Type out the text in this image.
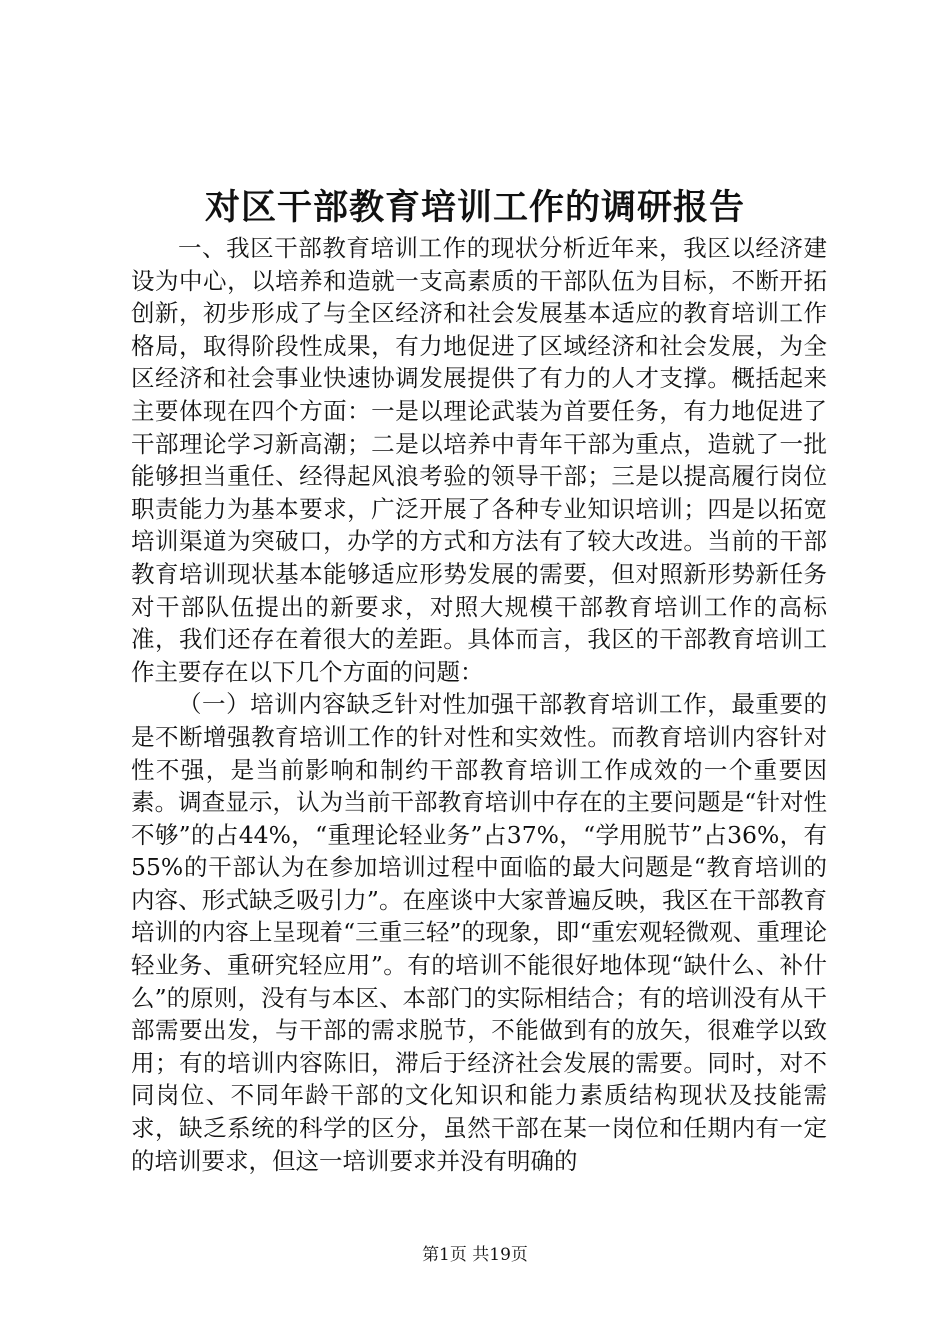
对区干部教育培训工作的调研报告

一、我区干部教育培训工作的现状分析近年来，我区以经济建设为中心，以培养和造就一支高素质的干部队伍为目标，不断开拓创新，初步形成了与全区经济和社会发展基本适应的教育培训工作格局，取得阶段性成果，有力地促进了区域经济和社会发展，为全区经济和社会事业快速协调发展提供了有力的人才支撑。概括起来主要体现在四个方面：一是以理论武装为首要任务，有力地促进了干部理论学习新高潮；二是以培养中青年干部为重点，造就了一批能够担当重任、经得起风浪考验的领导干部；三是以提高履行岗位职责能力为基本要求，广泛开展了各种专业知识培训；四是以拓宽培训渠道为突破口，办学的方式和方法有了较大改进。当前的干部教育培训现状基本能够适应形势发展的需要，但对照新形势新任务对干部队伍提出的新要求，对照大规模干部教育培训工作的高标准，我们还存在着很大的差距。具体而言，我区的干部教育培训工作主要存在以下几个方面的问题：

（一）培训内容缺乏针对性加强干部教育培训工作，最重要的是不断增强教育培训工作的针对性和实效性。而教育培训内容针对性不强，是当前影响和制约干部教育培训工作成效的一个重要因素。调查显示，认为当前干部教育培训中存在的主要问题是“针对性不够”的占44%，“重理论轻业务”占37%，“学用脱节”占36%，有55%的干部认为在参加培训过程中面临的最大问题是“教育培训的内容、形式缺乏吸引力”。在座谈中大家普遍反映，我区在干部教育培训的内容上呈现着“三重三轻”的现象，即“重宏观轻微观、重理论轻业务、重研究轻应用”。有的培训不能很好地体现“缺什么、补什么”的原则，没有与本区、本部门的实际相结合；有的培训没有从干部需要出发，与干部的需求脱节，不能做到有的放矢，很难学以致用；有的培训内容陈旧，滞后于经济社会发展的需要。同时，对不同岗位、不同年龄干部的文化知识和能力素质结构现状及技能需求，缺乏系统的科学的区分，虽然干部在某一岗位和任期内有一定的培训要求，但这一培训要求并没有明确的

第1页 共19页
